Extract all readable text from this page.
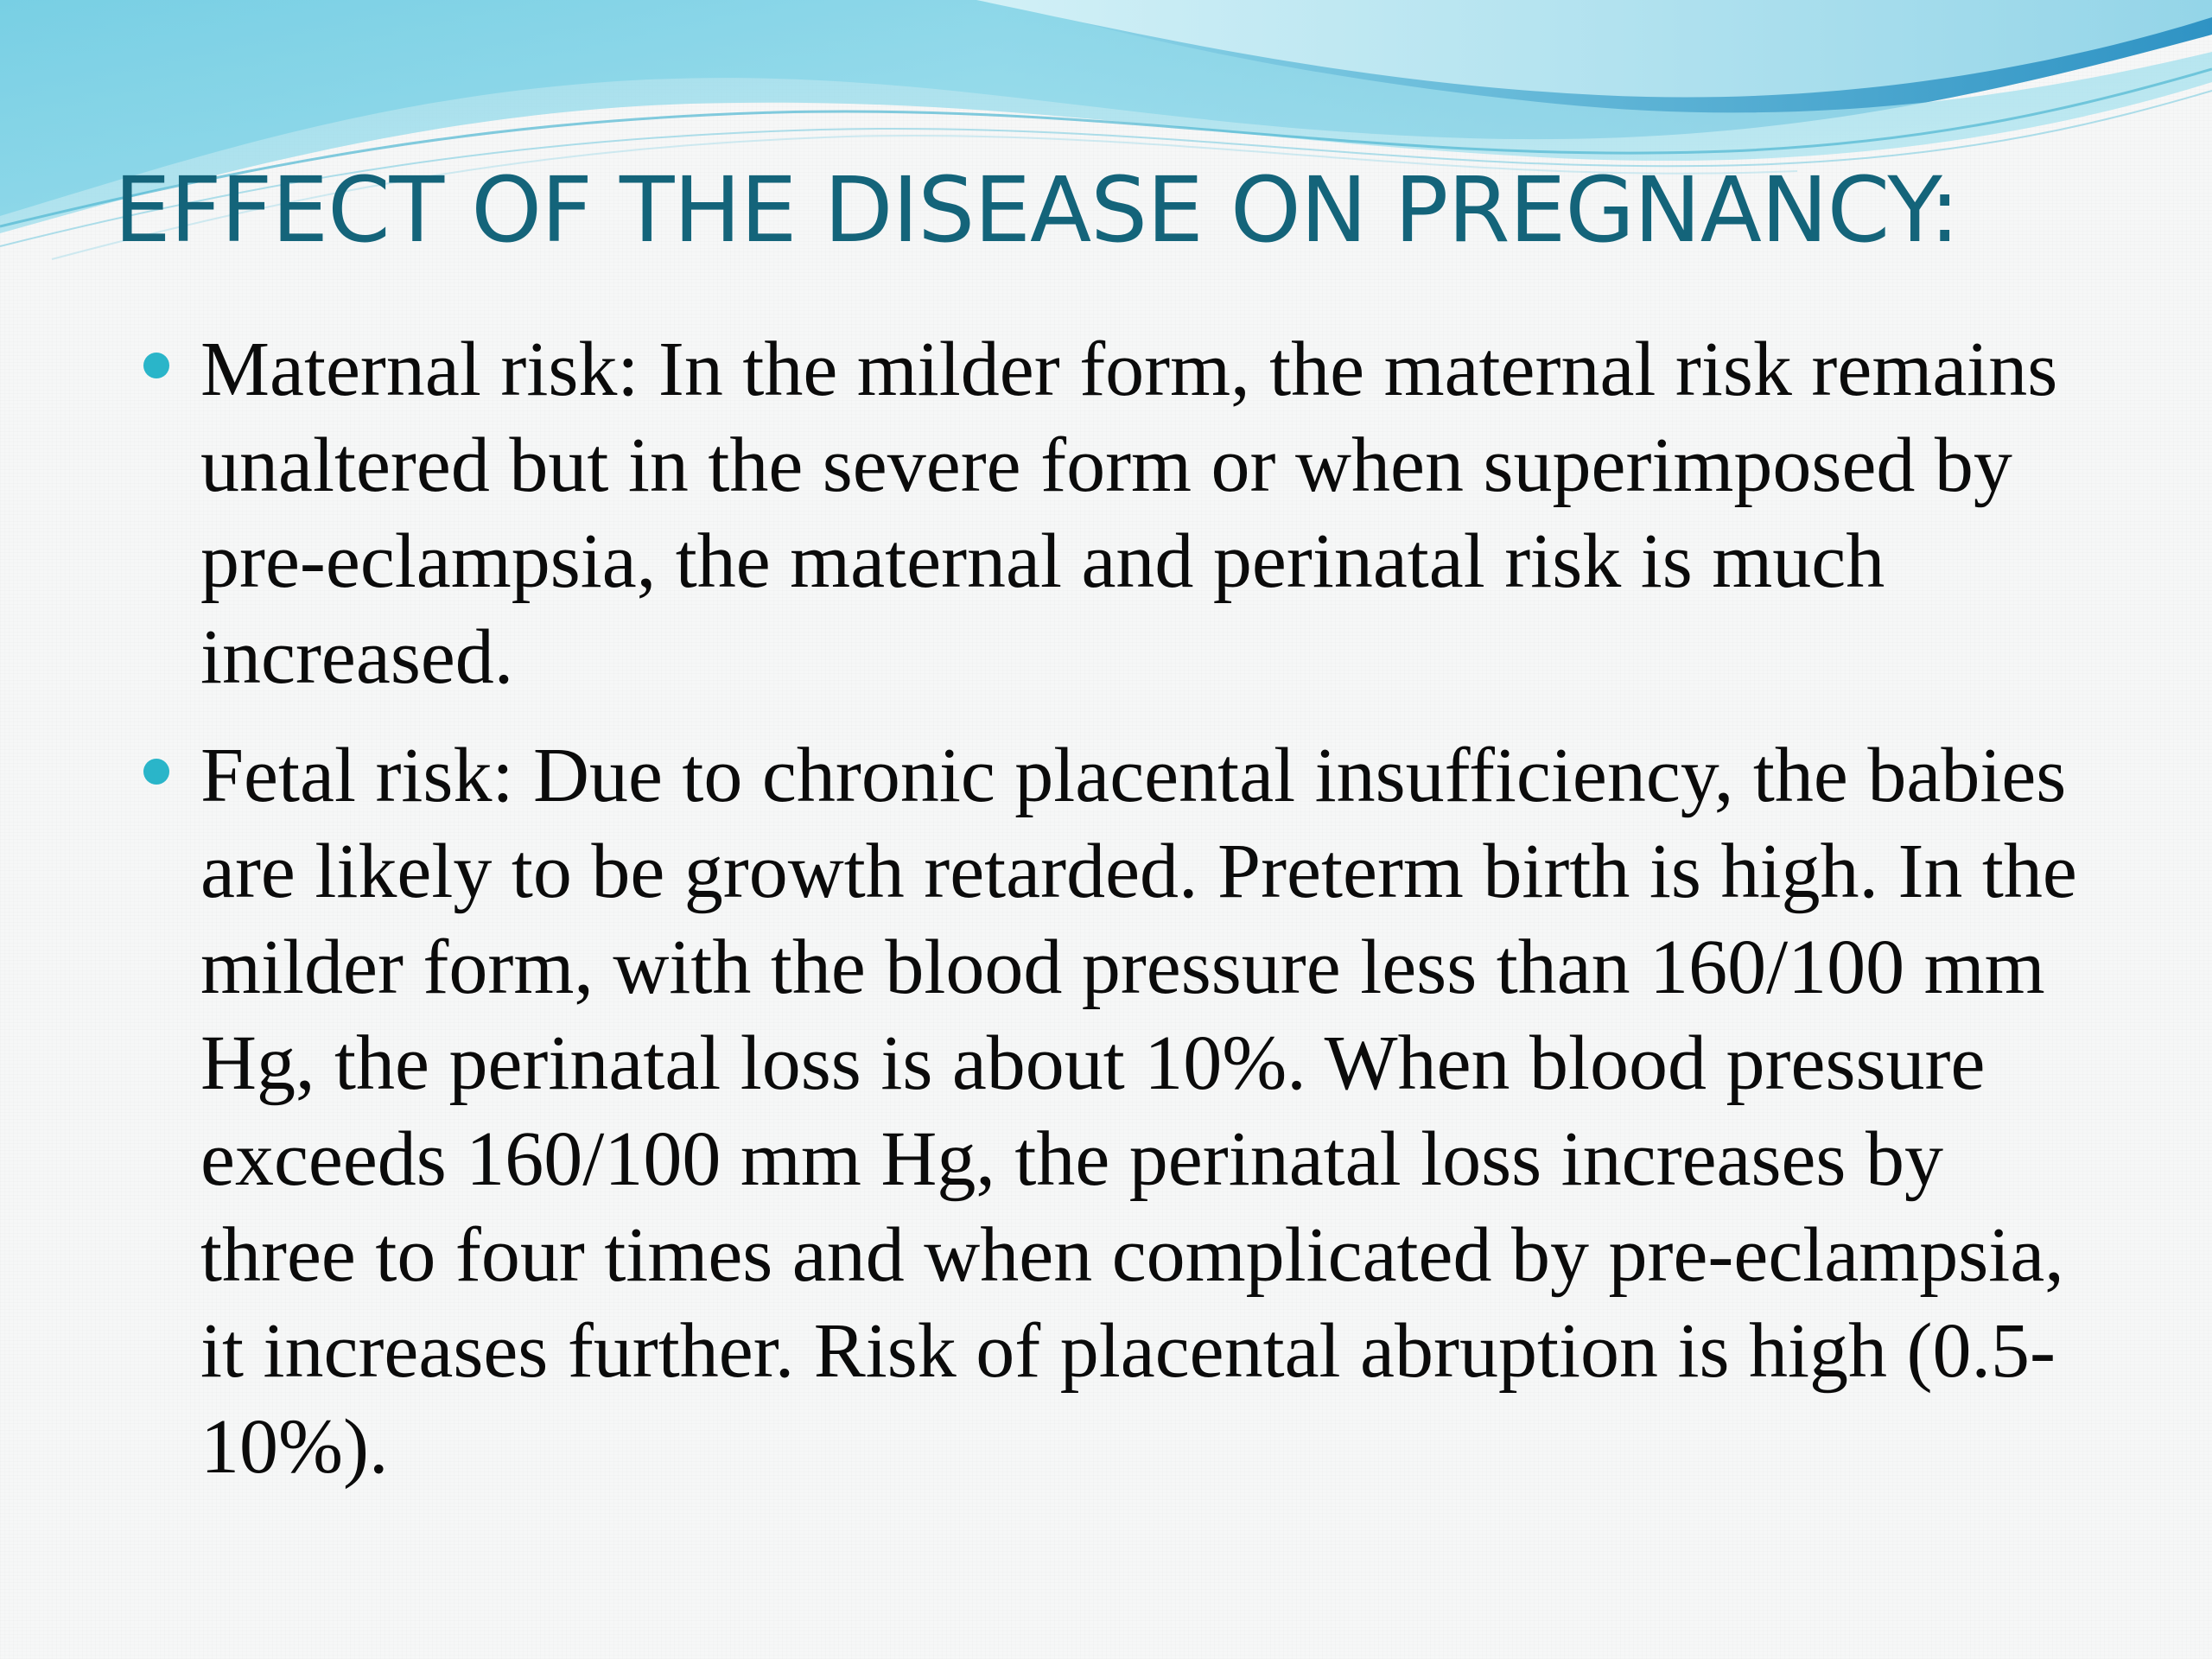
EFFECT OF THE DISEASE ON PREGNANCY:
Maternal risk: In the milder form, the maternal risk remains unaltered but in the severe form or when superimposed by pre-eclampsia, the maternal and perinatal risk is much increased.
Fetal risk: Due to chronic placental insufficiency, the babies are likely to be growth retarded. Preterm birth is high. In the milder form, with the blood pressure less than 160/100 mm Hg, the perinatal loss is about 10%. When blood pressure exceeds 160/100 mm Hg, the perinatal loss increases by three to four times and when complicated by pre-eclampsia, it increases further. Risk of placental abruption is high (0.5-10%).
